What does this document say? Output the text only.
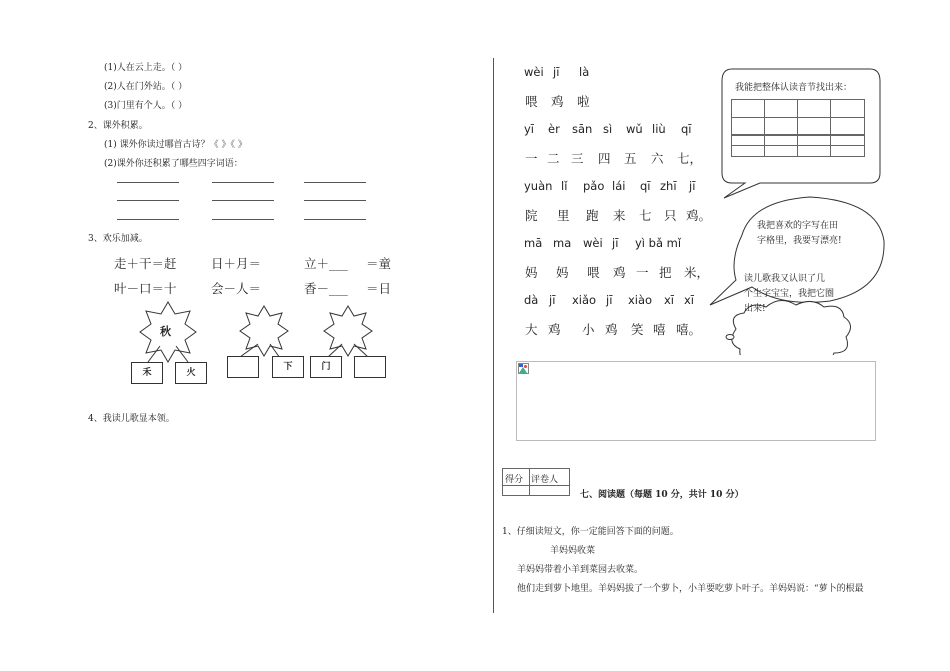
(1)人在云上走。（ ）
(2)人在门外站。（ ）
(3)门里有个人。（ ）
2、课外积累。
(1) 课外你读过哪首古诗？《 》《 》
(2)课外你还积累了哪些四字词语：
3、欢乐加减。
走＋干＝赶	日＋月＝	立＋___ ＝童
叶－口＝十	会－人＝	香－___ ＝日
秋
禾	火
下	门
4、我读儿歌显本领。
wèi jī là
喂 鸡 啦
yī èr sān sì wǔ liù qī
一 二 三 四 五 六 七，
yuàn lǐ pǎo lái qī zhī jī
院 里 跑 来 七 只 鸡。
mā ma wèi jī yì bǎ mǐ
妈 妈 喂 鸡 一 把 米，
dà jī xiǎo jī xiào xī xī
大 鸡 小 鸡 笑 嘻 嘻。
我能把整体认读音节找出来：
我把喜欢的字写在田
字格里，我要写漂亮!
读儿歌我又认识了几
个生字宝宝，我把它圈
出来!
得分 评卷人
七、阅读题（每题 10 分，共计 10 分）
1、仔细读短文，你一定能回答下面的问题。
羊妈妈收菜
羊妈妈带着小羊到菜园去收菜。
他们走到萝卜地里。羊妈妈拔了一个萝卜，小羊要吃萝卜叶子。羊妈妈说：“萝卜的根最
